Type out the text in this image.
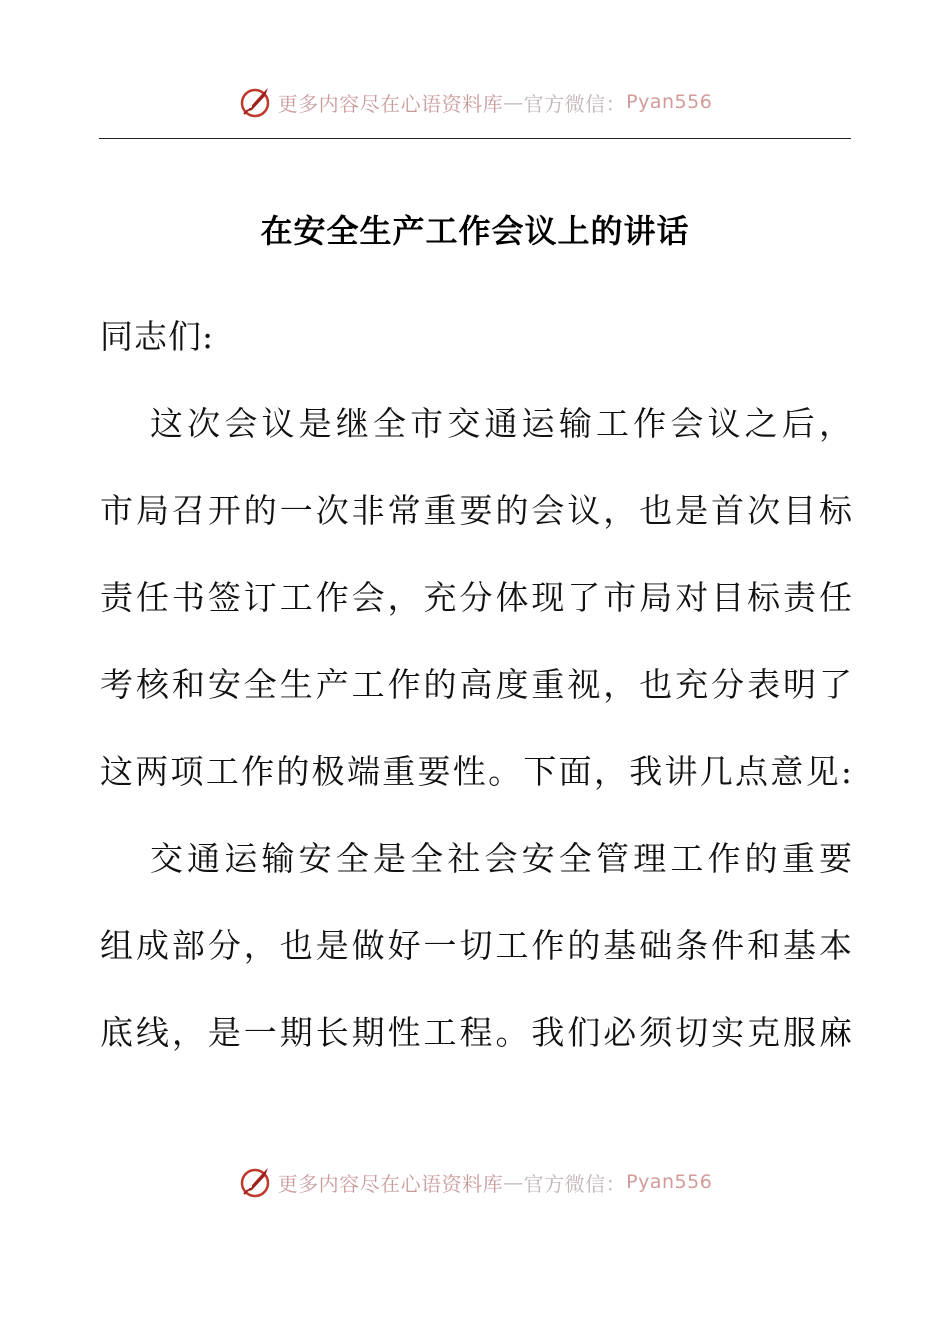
更多内容尽在心语资料库 — 官方微信： Pyan556
在安全生产工作会议上的讲话
同志们:
这次会议是继全市交通运输工作会议之后，
市局召开的一次非常重要的会议，也是首次目标
责任书签订工作会，充分体现了市局对目标责任
考核和安全生产工作的高度重视，也充分表明了
这两项工作的极端重要性。下面，我讲几点意见:
交通运输安全是全社会安全管理工作的重要
组成部分，也是做好一切工作的基础条件和基本
底线，是一期长期性工程。我们必须切实克服麻
更多内容尽在心语资料库 — 官方微信： Pyan556
